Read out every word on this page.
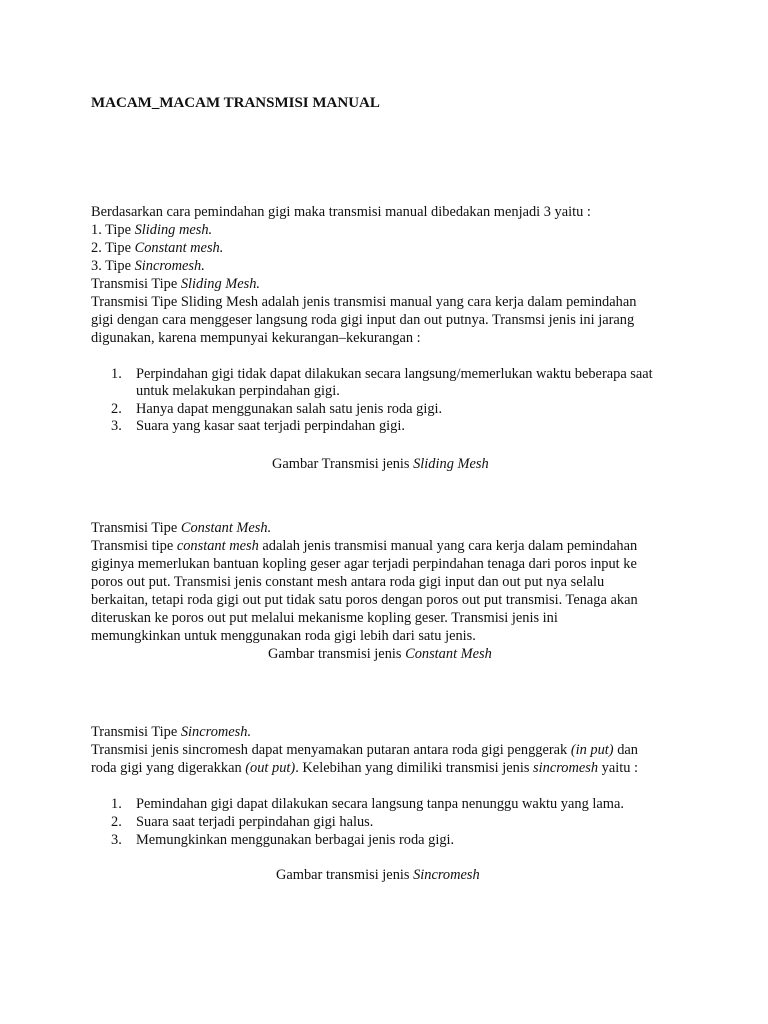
MACAM_MACAM TRANSMISI MANUAL
Berdasarkan cara pemindahan gigi maka transmisi manual dibedakan menjadi 3 yaitu :
1. Tipe Sliding mesh.
2. Tipe Constant mesh.
3. Tipe Sincromesh.
Transmisi Tipe Sliding Mesh.
Transmisi Tipe Sliding Mesh adalah jenis transmisi manual yang cara kerja dalam pemindahan
gigi dengan cara menggeser langsung roda gigi input dan out putnya. Transmsi jenis ini jarang
digunakan, karena mempunyai kekurangan–kekurangan :
1. Perpindahan gigi tidak dapat dilakukan secara langsung/memerlukan waktu beberapa saat
untuk melakukan perpindahan gigi.
2. Hanya dapat menggunakan salah satu jenis roda gigi.
3. Suara yang kasar saat terjadi perpindahan gigi.
Gambar Transmisi jenis Sliding Mesh
Transmisi Tipe Constant Mesh.
Transmisi tipe constant mesh adalah jenis transmisi manual yang cara kerja dalam pemindahan
giginya memerlukan bantuan kopling geser agar terjadi perpindahan tenaga dari poros input ke
poros out put. Transmisi jenis constant mesh antara roda gigi input dan out put nya selalu
berkaitan, tetapi roda gigi out put tidak satu poros dengan poros out put transmisi. Tenaga akan
diteruskan ke poros out put melalui mekanisme kopling geser. Transmisi jenis ini
memungkinkan untuk menggunakan roda gigi lebih dari satu jenis.
Gambar transmisi jenis Constant Mesh
Transmisi Tipe Sincromesh.
Transmisi jenis sincromesh dapat menyamakan putaran antara roda gigi penggerak (in put) dan
roda gigi yang digerakkan (out put). Kelebihan yang dimiliki transmisi jenis sincromesh yaitu :
1. Pemindahan gigi dapat dilakukan secara langsung tanpa nenunggu waktu yang lama.
2. Suara saat terjadi perpindahan gigi halus.
3. Memungkinkan menggunakan berbagai jenis roda gigi.
Gambar transmisi jenis Sincromesh
